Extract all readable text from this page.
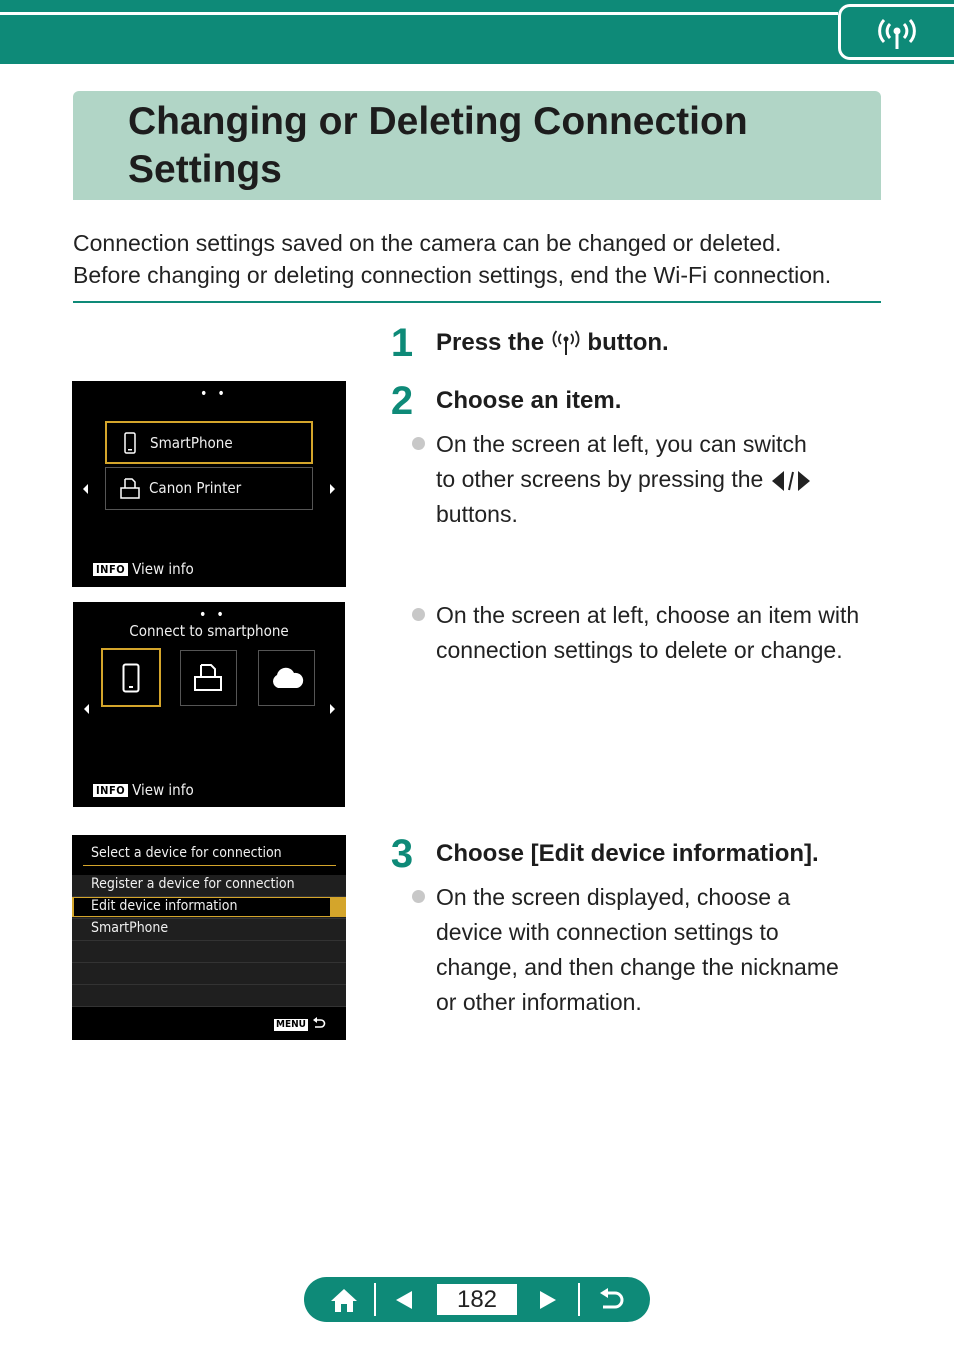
Changing or Deleting Connection Settings
Connection settings saved on the camera can be changed or deleted.
Before changing or deleting connection settings, end the Wi-Fi connection.
1 Press the button.
2 Choose an item.
On the screen at left, you can switch
to other screens by pressing the
buttons.
On the screen at left, choose an item with
connection settings to delete or change.
3 Choose [Edit device information].
On the screen displayed, choose a
device with connection settings to
change, and then change the nickname
or other information.
• •
SmartPhone
Canon Printer
INFO View info
• •
Connect to smartphone
INFO View info
Select a device for connection
Register a device for connection
Edit device information
SmartPhone
MENU
182
